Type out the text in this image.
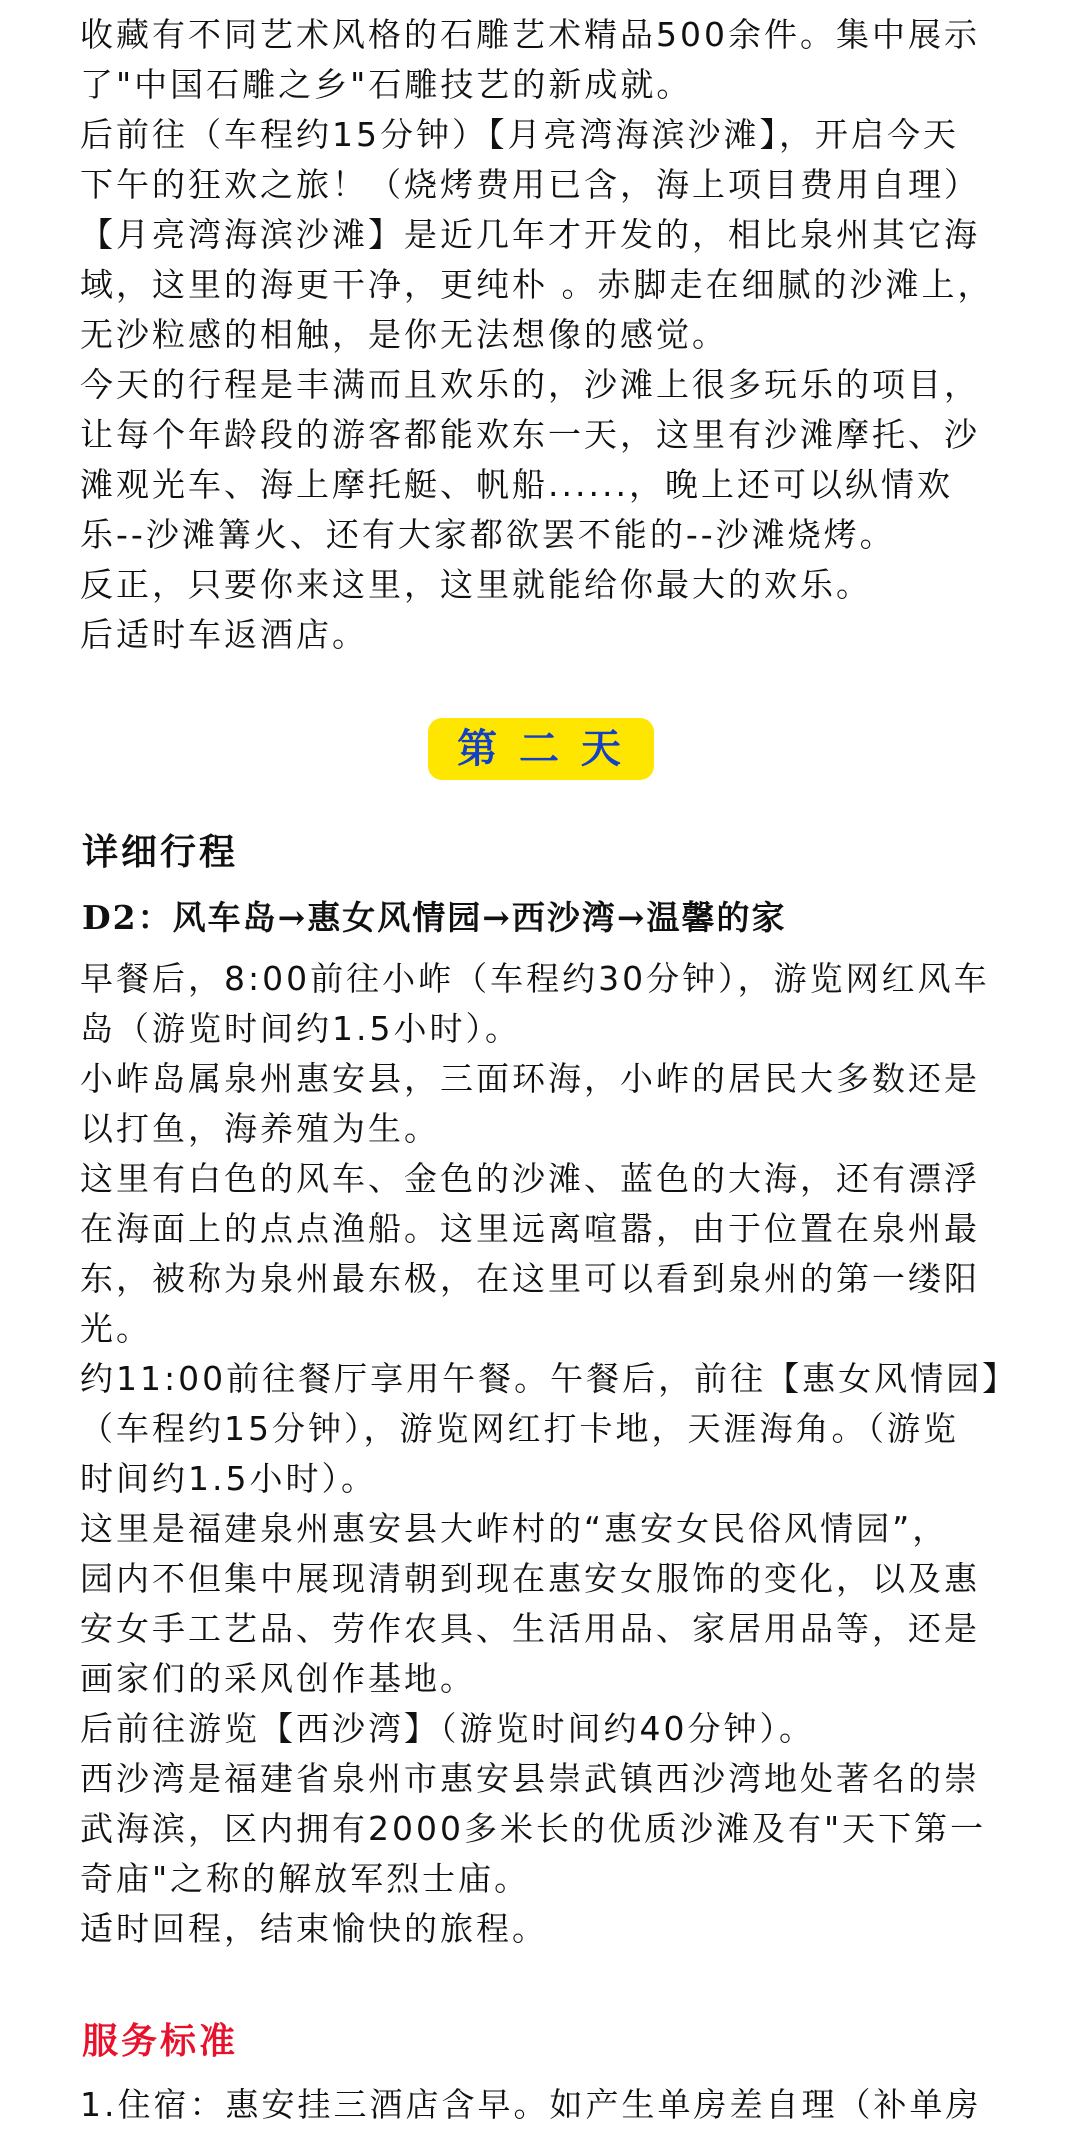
收藏有不同艺术风格的石雕艺术精品500余件。集中展示
了"中国石雕之乡"石雕技艺的新成就。

后前往（车程约15分钟）【月亮湾海滨沙滩】，开启今天
下午的狂欢之旅！（烧烤费用已含，海上项目费用自理）

【月亮湾海滨沙滩】是近几年才开发的，相比泉州其它海
域，这里的海更干净，更纯朴 。赤脚走在细腻的沙滩上，
无沙粒感的相触，是你无法想像的感觉。

今天的行程是丰满而且欢乐的，沙滩上很多玩乐的项目，
让每个年龄段的游客都能欢东一天，这里有沙滩摩托、沙
滩观光车、海上摩托艇、帆船......，晚上还可以纵情欢
乐--沙滩篝火、还有大家都欲罢不能的--沙滩烧烤。

反正，只要你来这里，这里就能给你最大的欢乐。

后适时车返酒店。

第 二 天
详细行程
D2：风车岛→惠女风情园→西沙湾→温馨的家

早餐后，8:00前往小岞（车程约30分钟），游览网红风车
岛（游览时间约1.5小时）。

小岞岛属泉州惠安县，三面环海，小岞的居民大多数还是
以打鱼，海养殖为生。

这里有白色的风车、金色的沙滩、蓝色的大海，还有漂浮
在海面上的点点渔船。这里远离喧嚣，由于位置在泉州最
东，被称为泉州最东极，在这里可以看到泉州的第一缕阳
光。

约11:00前往餐厅享用午餐。午餐后，前往【惠女风情园】
（车程约15分钟），游览网红打卡地，天涯海角。（游览
时间约1.5小时）。

这里是福建泉州惠安县大岞村的“惠安女民俗风情园”，
园内不但集中展现清朝到现在惠安女服饰的变化，以及惠
安女手工艺品、劳作农具、生活用品、家居用品等，还是
画家们的采风创作基地。

后前往游览【西沙湾】（游览时间约40分钟）。

西沙湾是福建省泉州市惠安县崇武镇西沙湾地处著名的崇
武海滨，区内拥有2000多米长的优质沙滩及有"天下第一
奇庙"之称的解放军烈士庙。

适时回程，结束愉快的旅程。

服务标准

1.住宿：惠安挂三酒店含早。如产生单房差自理（补单房
